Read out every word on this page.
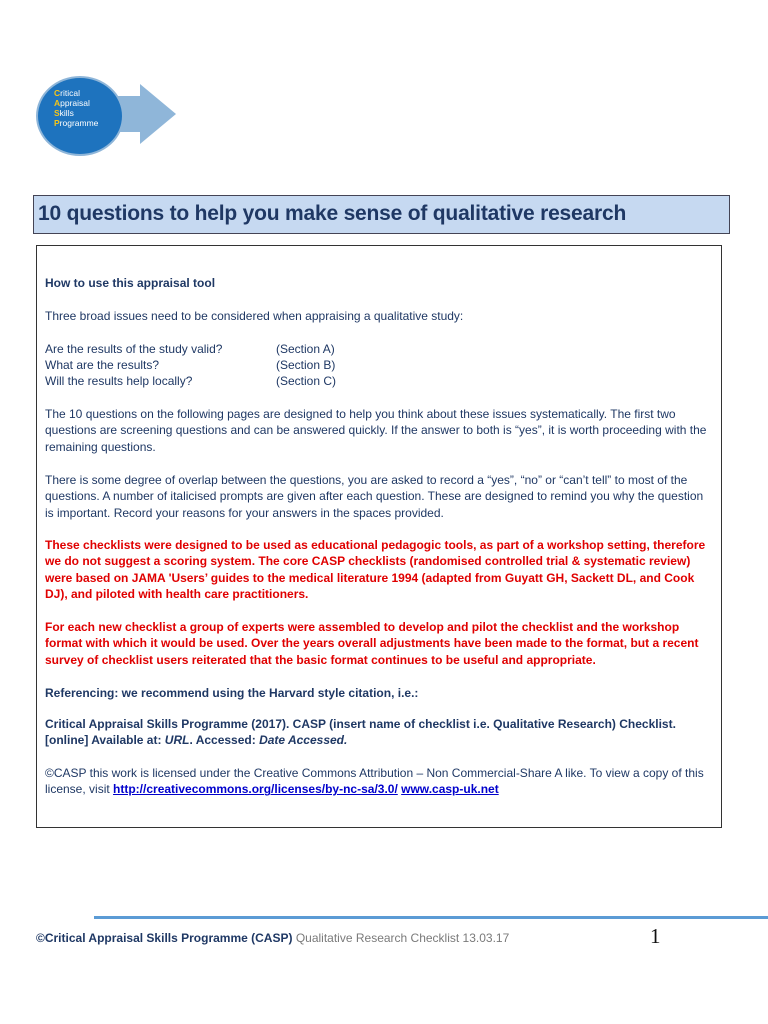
Critical
Appraisal
Skills
Programme
10 questions to help you make sense of qualitative research
How to use this appraisal tool
Three broad issues need to be considered when appraising a qualitative study:
Are the results of the study valid?	(Section A)
What are the results?	(Section B)
Will the results help locally?	(Section C)
The 10 questions on the following pages are designed to help you think about these issues systematically. The first two questions are screening questions and can be answered quickly. If the answer to both is “yes”, it is worth proceeding with the remaining questions.
There is some degree of overlap between the questions, you are asked to record a “yes”, “no” or “can’t tell” to most of the questions. A number of italicised prompts are given after each question. These are designed to remind you why the question is important. Record your reasons for your answers in the spaces provided.
These checklists were designed to be used as educational pedagogic tools, as part of a workshop setting, therefore we do not suggest a scoring system. The core CASP checklists (randomised controlled trial & systematic review) were based on JAMA 'Users’ guides to the medical literature 1994 (adapted from Guyatt GH, Sackett DL, and Cook DJ), and piloted with health care practitioners.
For each new checklist a group of experts were assembled to develop and pilot the checklist and the workshop format with which it would be used. Over the years overall adjustments have been made to the format, but a recent survey of checklist users reiterated that the basic format continues to be useful and appropriate.
Referencing: we recommend using the Harvard style citation, i.e.:
Critical Appraisal Skills Programme (2017). CASP (insert name of checklist i.e. Qualitative Research) Checklist. [online] Available at: URL. Accessed: Date Accessed.
©CASP this work is licensed under the Creative Commons Attribution – Non Commercial-Share A like. To view a copy of this license, visit http://creativecommons.org/licenses/by-nc-sa/3.0/ www.casp-uk.net
©Critical Appraisal Skills Programme (CASP) Qualitative Research Checklist 13.03.17	1
